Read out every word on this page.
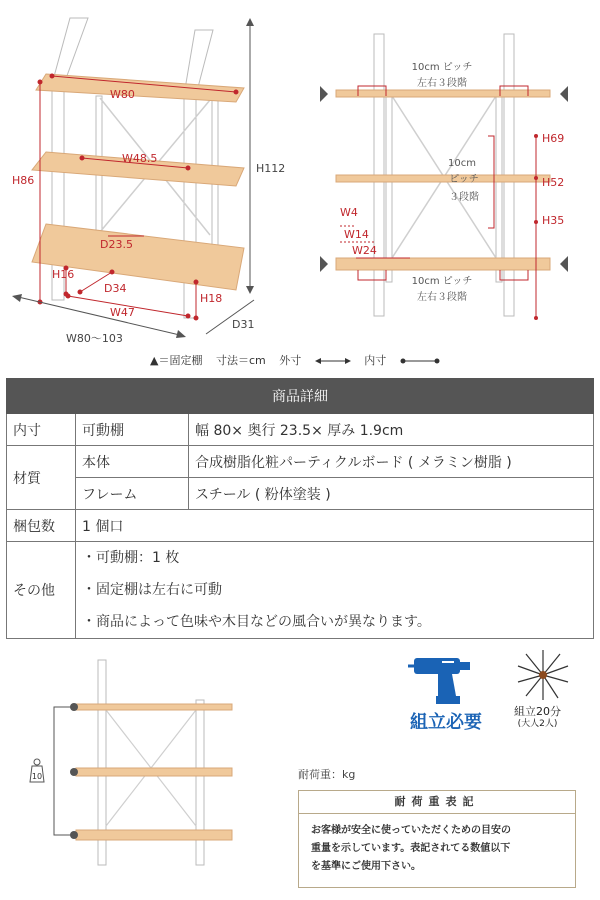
W80
W48.5
H86
D23.5
H16
D34
W47
H18
H112
D31
W80〜103
10cm ピッチ
左右３段階
10cm
ピッチ
３段階
10cm ピッチ
左右３段階
H69
H52
H35
W4
W14
W24
▲＝固定棚 寸法＝cm 外寸	内寸
商品詳細		
内寸	可動棚	幅 80× 奥行 23.5× 厚み 1.9cm
材質	本体	合成樹脂化粧パーティクルボード ( メラミン樹脂 )
	フレーム	スチール ( 粉体塗装 )
梱包数	1 個口	
その他	・可動棚：1 枚
・固定棚は左右に可動
・商品によって色味や木目などの風合いが異なります。	
10
組立必要
組立20分
(大人2人)
耐荷重：kg
耐荷重表記
お客様が安全に使っていただくための目安の
重量を示しています。表記されてる数値以下
を基準にご使用下さい。
